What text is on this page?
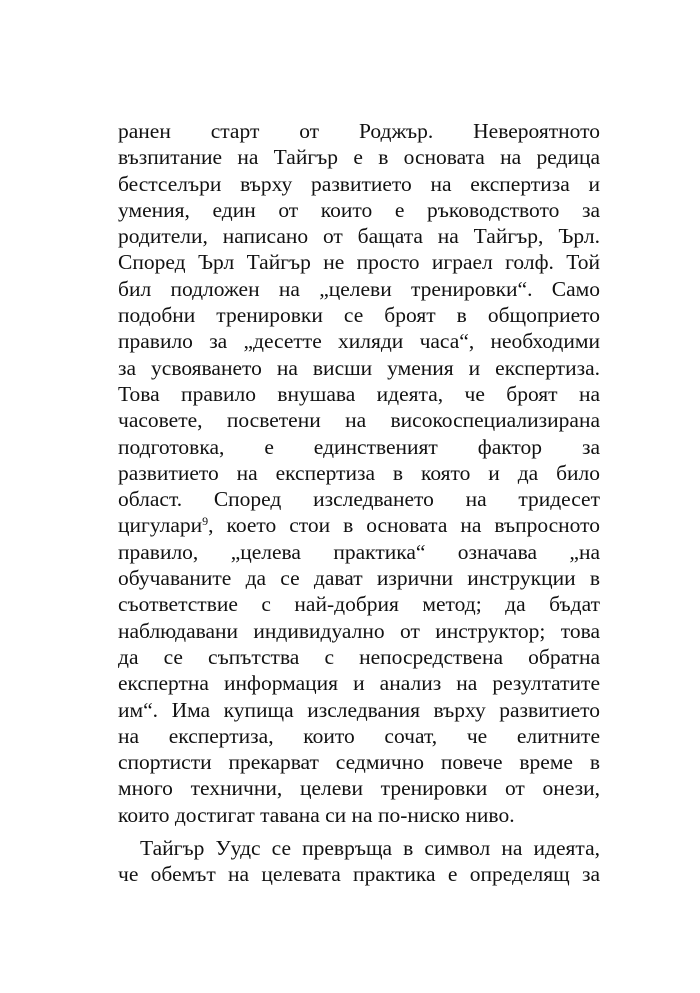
ранен старт от Роджър. Невероятното
възпитание на Тайгър е в основата на редица
бестселъри върху развитието на експертиза и
умения, един от които е ръководството за
родители, написано от бащата на Тайгър, Ърл.
Според Ърл Тайгър не просто играел голф. Той
бил подложен на „целеви тренировки“. Само
подобни тренировки се броят в общоприето
правило за „десетте хиляди часа“, необходими
за усвояването на висши умения и експертиза.
Това правило внушава идеята, че броят на
часовете, посветени на високоспециализирана
подготовка, е единственият фактор за
развитието на експертиза в която и да било
област. Според изследването на тридесет
цигулари$^9$, което стои в основата на въпросното
правило, „целева практика“ означава „на
обучаваните да се дават изрични инструкции в
съответствие с най-добрия метод; да бъдат
наблюдавани индивидуално от инструктор; това
да се съпътства с непосредствена обратна
експертна информация и анализ на резултатите
им“. Има купища изследвания върху развитието
на експертиза, които сочат, че елитните
спортисти прекарват седмично повече време в
много технични, целеви тренировки от онези,
които достигат тавана си на по-ниско ниво.
Тайгър Уудс се превръща в символ на идеята,
че обемът на целевата практика е определящ за
